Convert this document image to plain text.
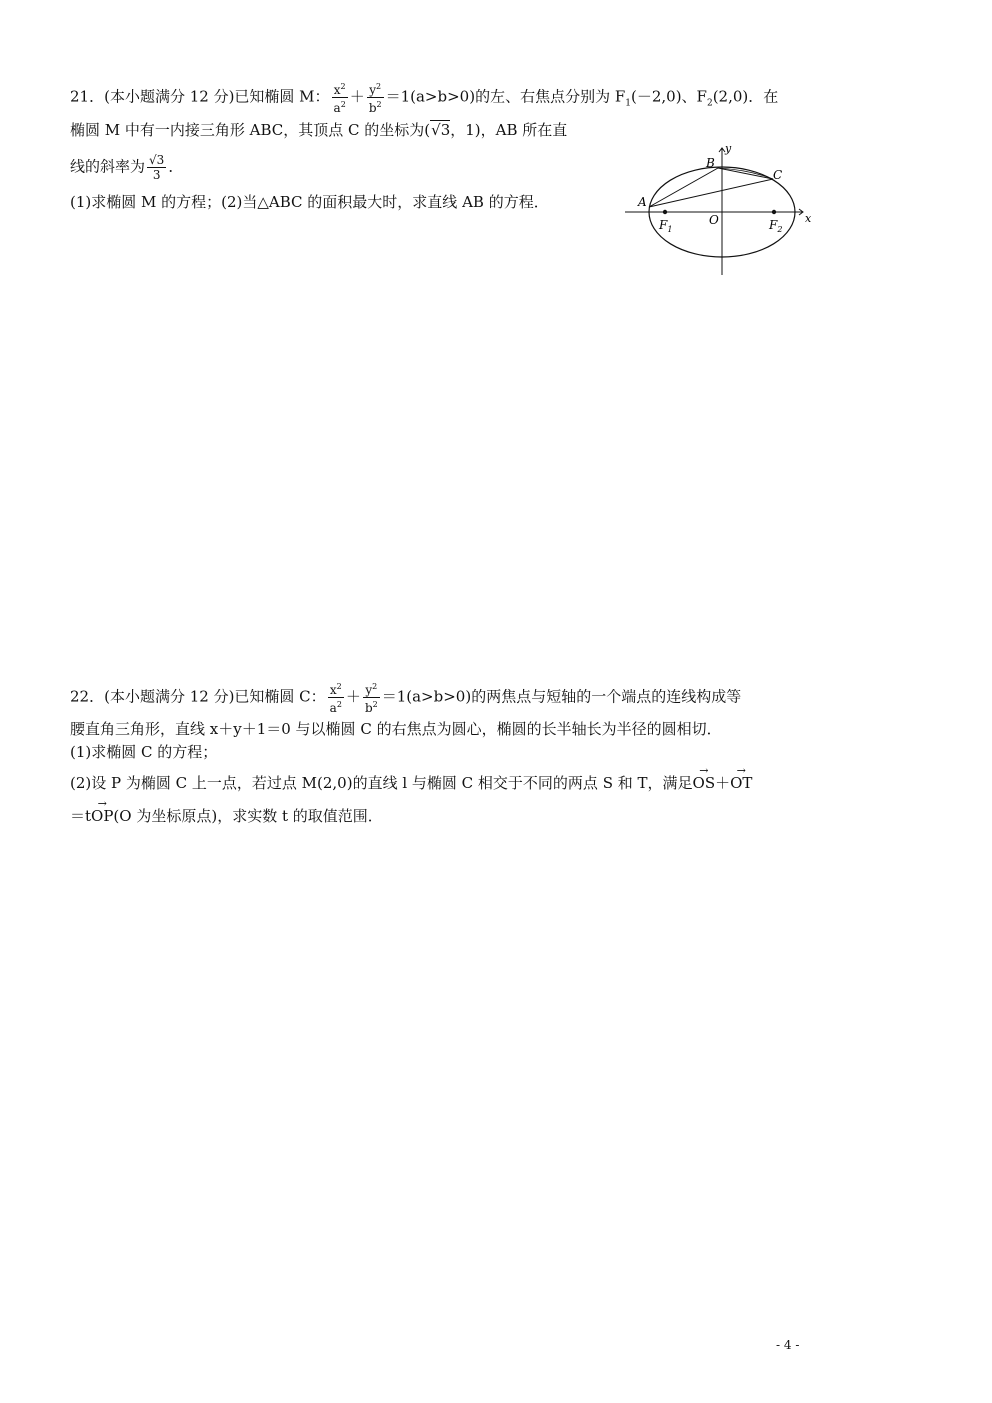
21．(本小题满分 12 分)已知椭圆 M： $\frac{x^2}{a^2} + \frac{y^2}{b^2} =1(a>b>0)$的左、右焦点分别为 $F_1(-2,0)$、$F_2(2,0)$．在
椭圆 M 中有一内接三角形 ABC，其顶点 C 的坐标为(√3，1)，AB 所在直
线的斜率为 $\frac{√3}{3}$ ．
(1)求椭圆 M 的方程；(2)当△ABC 的面积最大时，求直线 AB 的方程．
y
x
O
A
B
C
$F_1$	$F_2$
22．(本小题满分 12 分)已知椭圆 C： $\frac{x^2}{a^2} + \frac{y^2}{b^2} =1(a>b>0)$的两焦点与短轴的一个端点的连线构成等
腰直角三角形，直线 x＋y＋1＝0 与以椭圆 C 的右焦点为圆心，椭圆的长半轴长为半径的圆相切．
(1)求椭圆 C 的方程；
(2)设 P 为椭圆 C 上一点，若过点 M(2,0)的直线 l 与椭圆 C 相交于不同的两点 S 和 T，满足→ OS＋→ OT
＝t→ OP(O 为坐标原点)，求实数 t 的取值范围．
- 4 -
